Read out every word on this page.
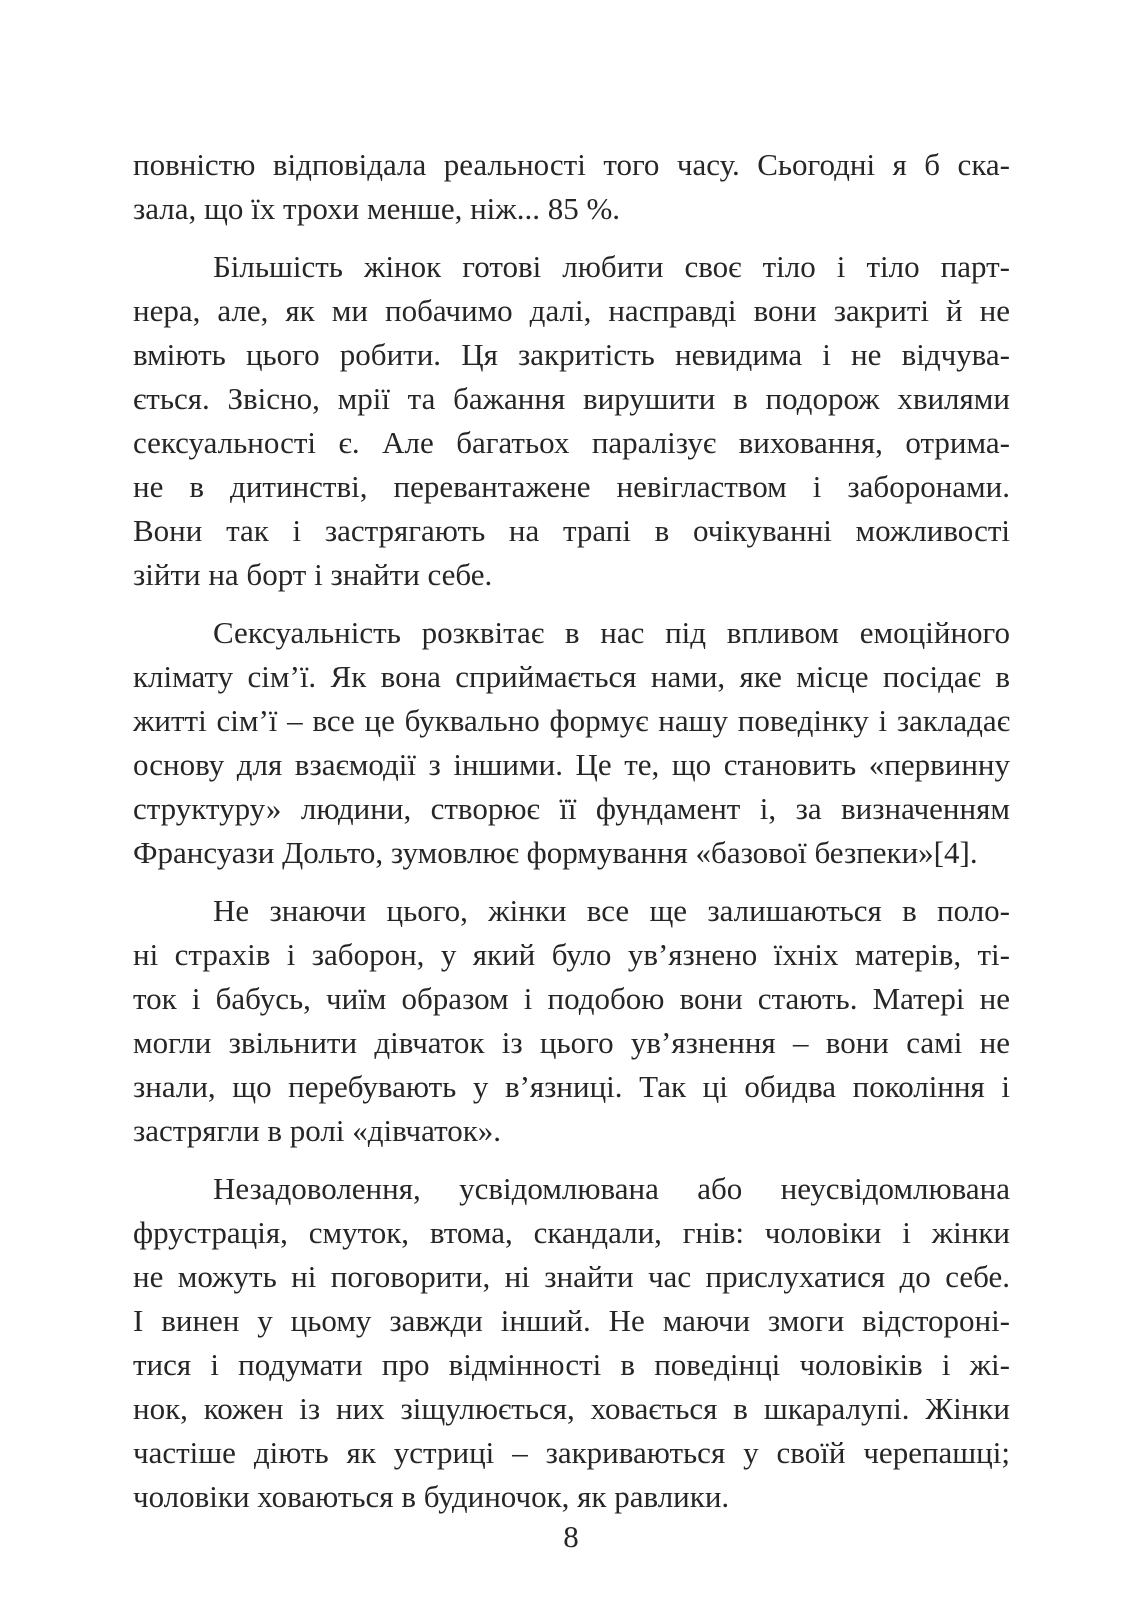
повністю відповідала реальності того часу. Сьогодні я б ска-
зала, що їх трохи менше, ніж... 85 %.
Більшість жінок готові любити своє тіло і тіло парт-
нера, але, як ми побачимо далі, насправді вони закриті й не
вміють цього робити. Ця закритість невидима і не відчува-
ється. Звісно, мрії та бажання вирушити в подорож хвилями
сексуальності є. Але багатьох паралізує виховання, отрима-
не в дитинстві, перевантажене невіглаством і заборонами.
Вони так і застрягають на трапі в очікуванні можливості
зійти на борт і знайти себе.
Сексуальність розквітає в нас під впливом емоційного
клімату сім’ї. Як вона сприймається нами, яке місце посідає в
житті сім’ї – все це буквально формує нашу поведінку і закладає
основу для взаємодії з іншими. Це те, що становить «первинну
структуру» людини, створює її фундамент і, за визначенням
Франсуази Дольто, зумовлює формування «базової безпеки»[4].
Не знаючи цього, жінки все ще залишаються в поло-
ні страхів і заборон, у який було ув’язнено їхніх матерів, ті-
ток і бабусь, чиїм образом і подобою вони стають. Матері не
могли звільнити дівчаток із цього ув’язнення – вони самі не
знали, що перебувають у в’язниці. Так ці обидва покоління і
застрягли в ролі «дівчаток».
Незадоволення, усвідомлювана або неусвідомлювана
фрустрація, смуток, втома, скандали, гнів: чоловіки і жінки
не можуть ні поговорити, ні знайти час прислухатися до себе.
І винен у цьому завжди інший. Не маючи змоги відстороні-
тися і подумати про відмінності в поведінці чоловіків і жі-
нок, кожен із них зіщулюється, ховається в шкаралупі. Жінки
частіше діють як устриці – закриваються у своїй черепашці;
чоловіки ховаються в будиночок, як равлики.
8
